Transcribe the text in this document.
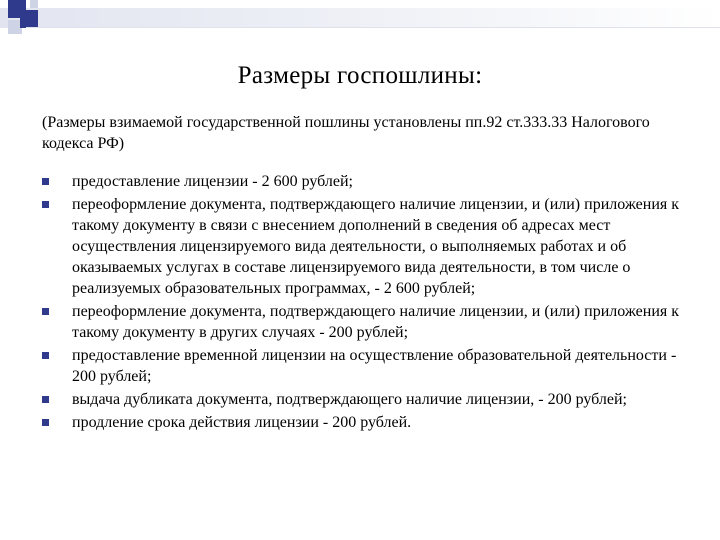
Размеры госпошлины:
(Размеры взимаемой государственной пошлины установлены пп.92 ст.333.33 Налогового кодекса РФ)
предоставление лицензии - 2 600 рублей;
переоформление документа, подтверждающего наличие лицензии, и (или) приложения к такому документу в связи с внесением дополнений в сведения об адресах мест осуществления лицензируемого вида деятельности, о выполняемых работах и об оказываемых услугах в составе лицензируемого вида деятельности, в том числе о реализуемых образовательных программах, - 2 600 рублей;
переоформление документа, подтверждающего наличие лицензии, и (или) приложения к такому документу в других случаях - 200 рублей;
предоставление временной лицензии на осуществление образовательной деятельности - 200 рублей;
выдача дубликата документа, подтверждающего наличие лицензии, - 200 рублей;
продление срока действия лицензии - 200 рублей.
